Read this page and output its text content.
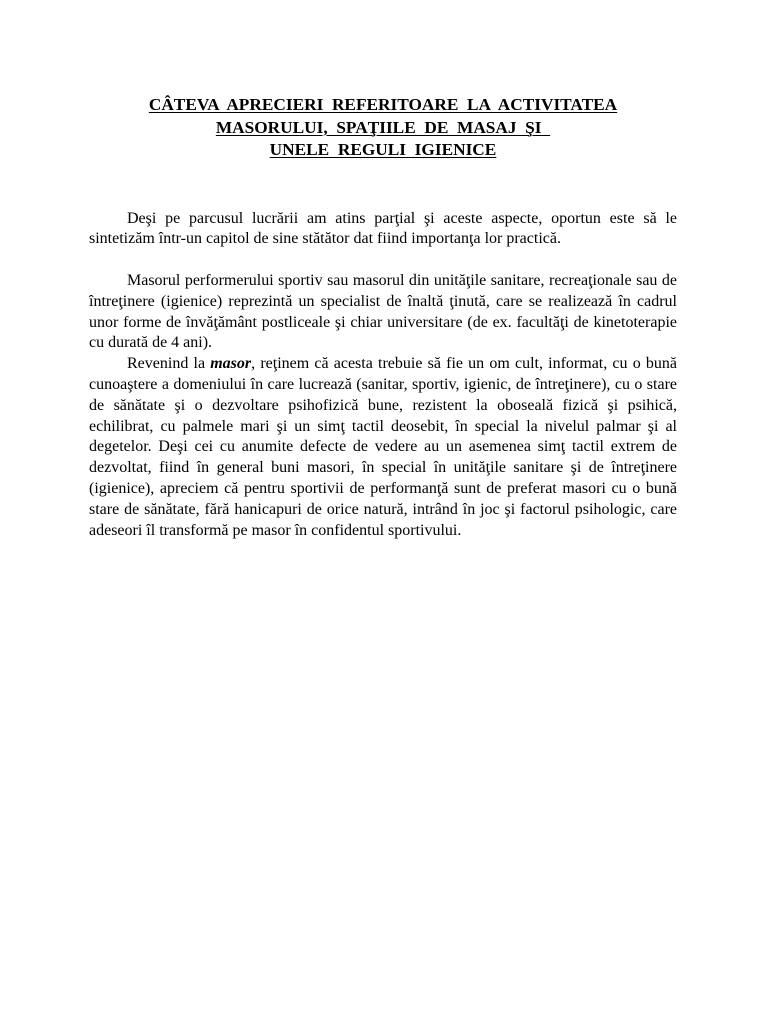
CÂTEVA  APRECIERI  REFERITOARE  LA  ACTIVITATEA
MASORULUI,  SPAŢIILE  DE  MASAJ  ŞI
UNELE  REGULI  IGIENICE

Deşi pe parcusul lucrării am atins parţial şi aceste aspecte, oportun este să le sintetizăm într-un capitol de sine stătător dat fiind importanţa lor practică.

Masorul performerului sportiv sau masorul din unităţile sanitare, recreaţionale sau de întreţinere (igienice) reprezintă un specialist de înaltă ţinută, care se realizează în cadrul unor forme de învăţământ postliceale şi chiar universitare (de ex. facultăţi de kinetoterapie cu durată de 4 ani).

Revenind la masor, reţinem că acesta trebuie să fie un om cult, informat, cu o bună cunoaştere a domeniului în care lucrează (sanitar, sportiv, igienic, de întreţinere), cu o stare de sănătate şi o dezvoltare psihofizică bune, rezistent la oboseală fizică şi psihică, echilibrat, cu palmele mari şi un simţ tactil deosebit, în special la nivelul palmar şi al degetelor. Deşi cei cu anumite defecte de vedere au un asemenea simţ tactil extrem de dezvoltat, fiind în general buni masori, în special în unităţile sanitare şi de întreţinere (igienice), apreciem că pentru sportivii de performanţă sunt de preferat masori cu o bună stare de sănătate, fără hanicapuri de orice natură, intrând în joc şi factorul psihologic, care adeseori îl transformă pe masor în confidentul sportivului.
